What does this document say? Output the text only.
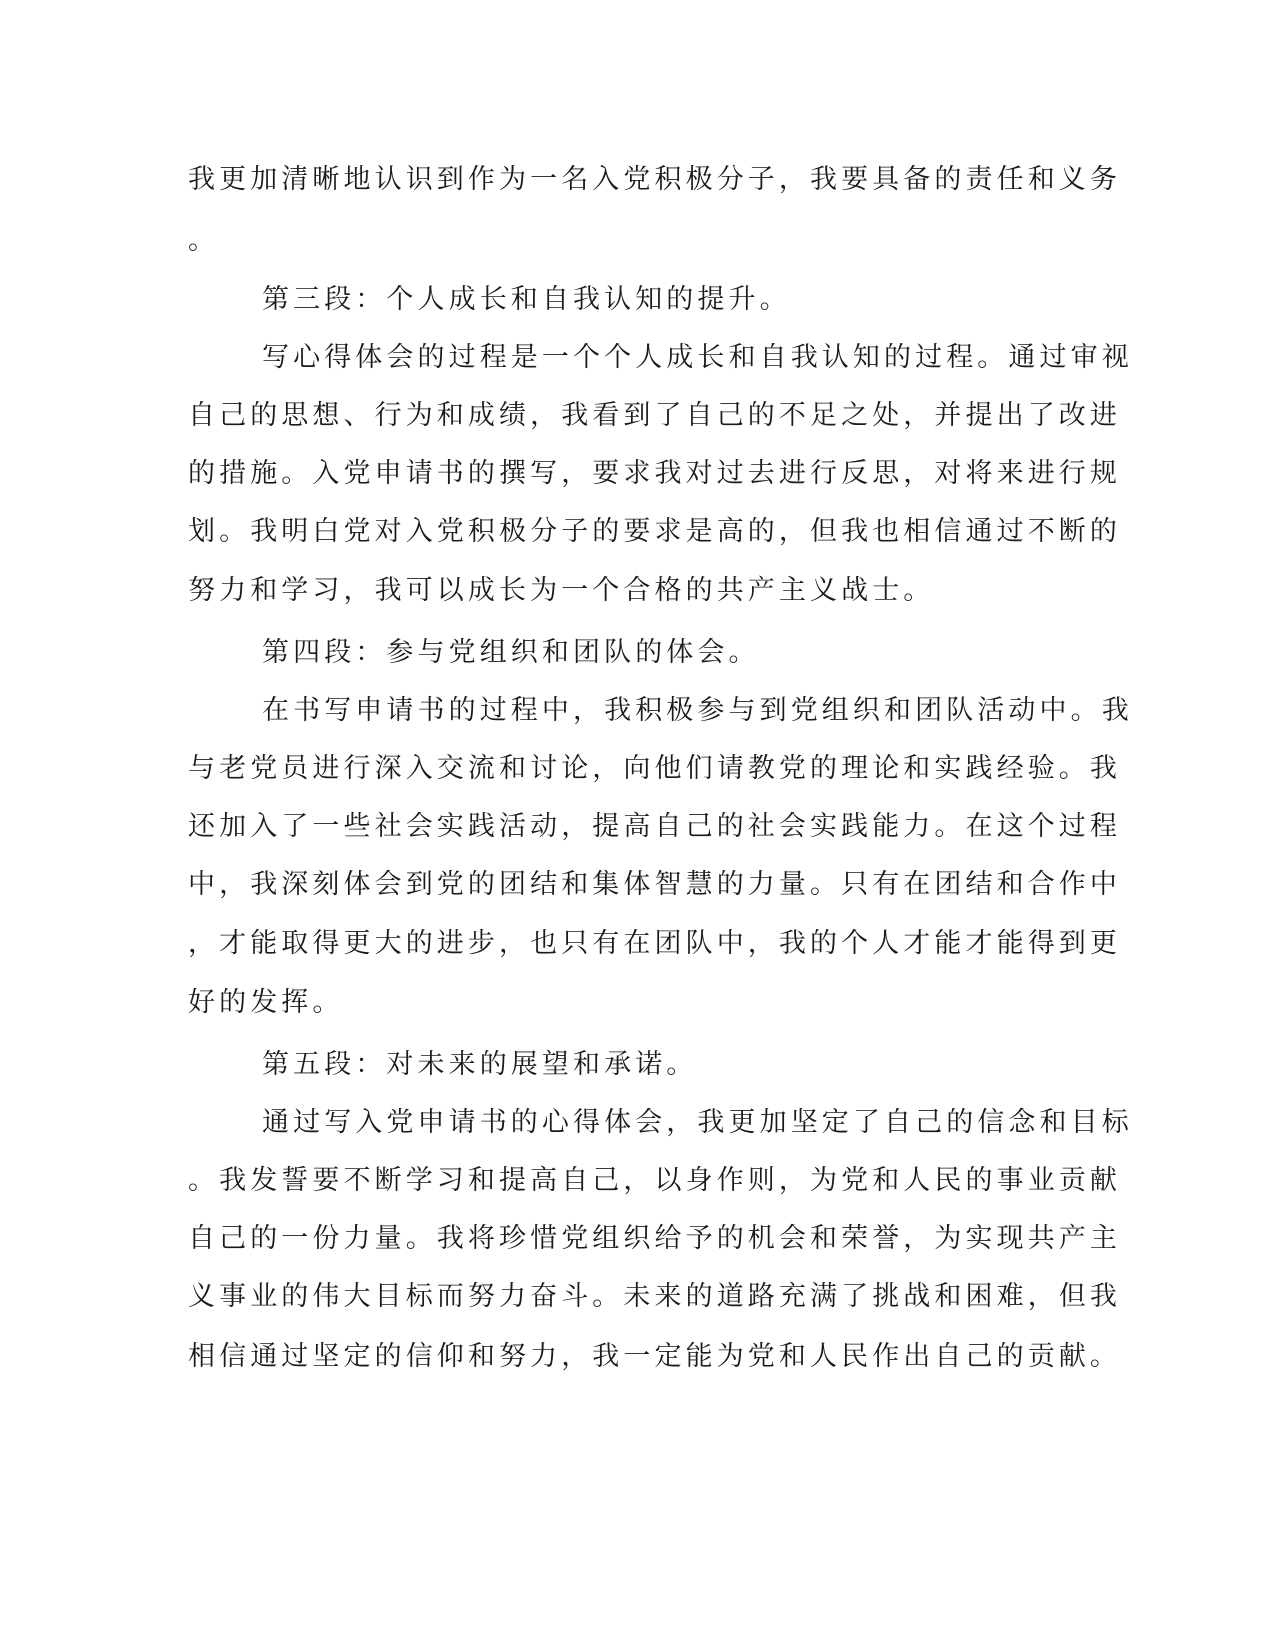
我更加清晰地认识到作为一名入党积极分子，我要具备的责任和义务
。
第三段：个人成长和自我认知的提升。
写心得体会的过程是一个个人成长和自我认知的过程。通过审视
自己的思想、行为和成绩，我看到了自己的不足之处，并提出了改进
的措施。入党申请书的撰写，要求我对过去进行反思，对将来进行规
划。我明白党对入党积极分子的要求是高的，但我也相信通过不断的
努力和学习，我可以成长为一个合格的共产主义战士。
第四段：参与党组织和团队的体会。
在书写申请书的过程中，我积极参与到党组织和团队活动中。我
与老党员进行深入交流和讨论，向他们请教党的理论和实践经验。我
还加入了一些社会实践活动，提高自己的社会实践能力。在这个过程
中，我深刻体会到党的团结和集体智慧的力量。只有在团结和合作中
，才能取得更大的进步，也只有在团队中，我的个人才能才能得到更
好的发挥。
第五段：对未来的展望和承诺。
通过写入党申请书的心得体会，我更加坚定了自己的信念和目标
。我发誓要不断学习和提高自己，以身作则，为党和人民的事业贡献
自己的一份力量。我将珍惜党组织给予的机会和荣誉，为实现共产主
义事业的伟大目标而努力奋斗。未来的道路充满了挑战和困难，但我
相信通过坚定的信仰和努力，我一定能为党和人民作出自己的贡献。
